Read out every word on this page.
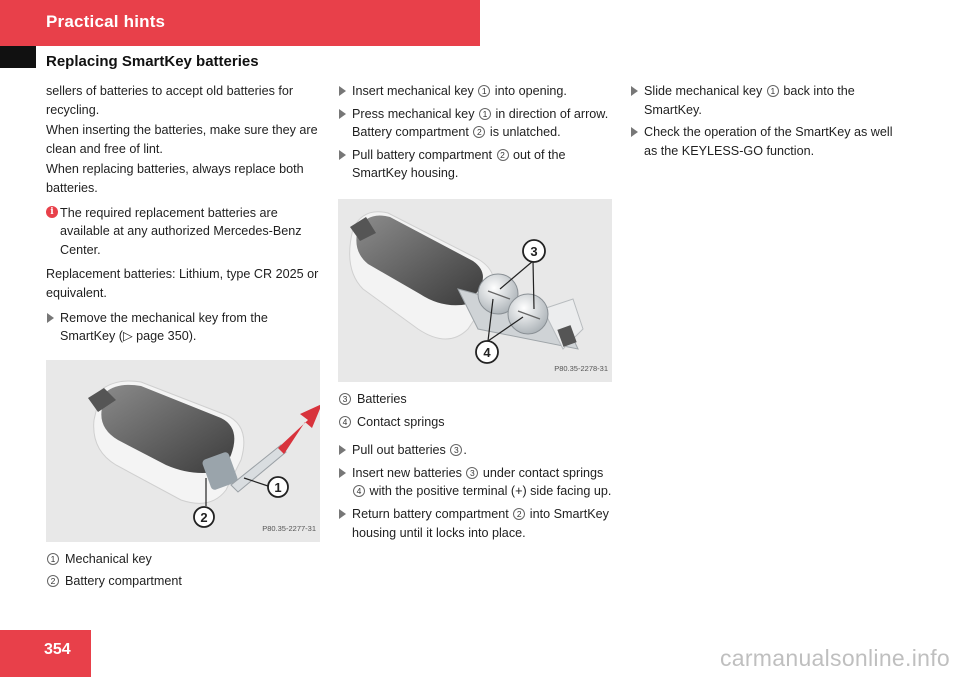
Practical hints
Replacing SmartKey batteries

sellers of batteries to accept old batteries for recycling.

When inserting the batteries, make sure they are clean and free of lint.

When replacing batteries, always replace both batteries.

i The required replacement batteries are available at any authorized Mercedes-Benz Center.

Replacement batteries: Lithium, type CR 2025 or equivalent.

Remove the mechanical key from the SmartKey (▷ page 350).
1
2
P80.35-2277-31
1 Mechanical key
2 Battery compartment
Insert mechanical key 1 into opening.
Press mechanical key 1 in direction of arrow.
Battery compartment 2 is unlatched.
Pull battery compartment 2 out of the SmartKey housing.
3
4
P80.35-2278-31
3 Batteries
4 Contact springs
Pull out batteries 3 .
Insert new batteries 3 under contact springs 4 with the positive terminal (+) side facing up.
Return battery compartment 2 into SmartKey housing until it locks into place.
Slide mechanical key 1 back into the SmartKey.
Check the operation of the SmartKey as well as the KEYLESS-GO function.
354	carmanualsonline.info
